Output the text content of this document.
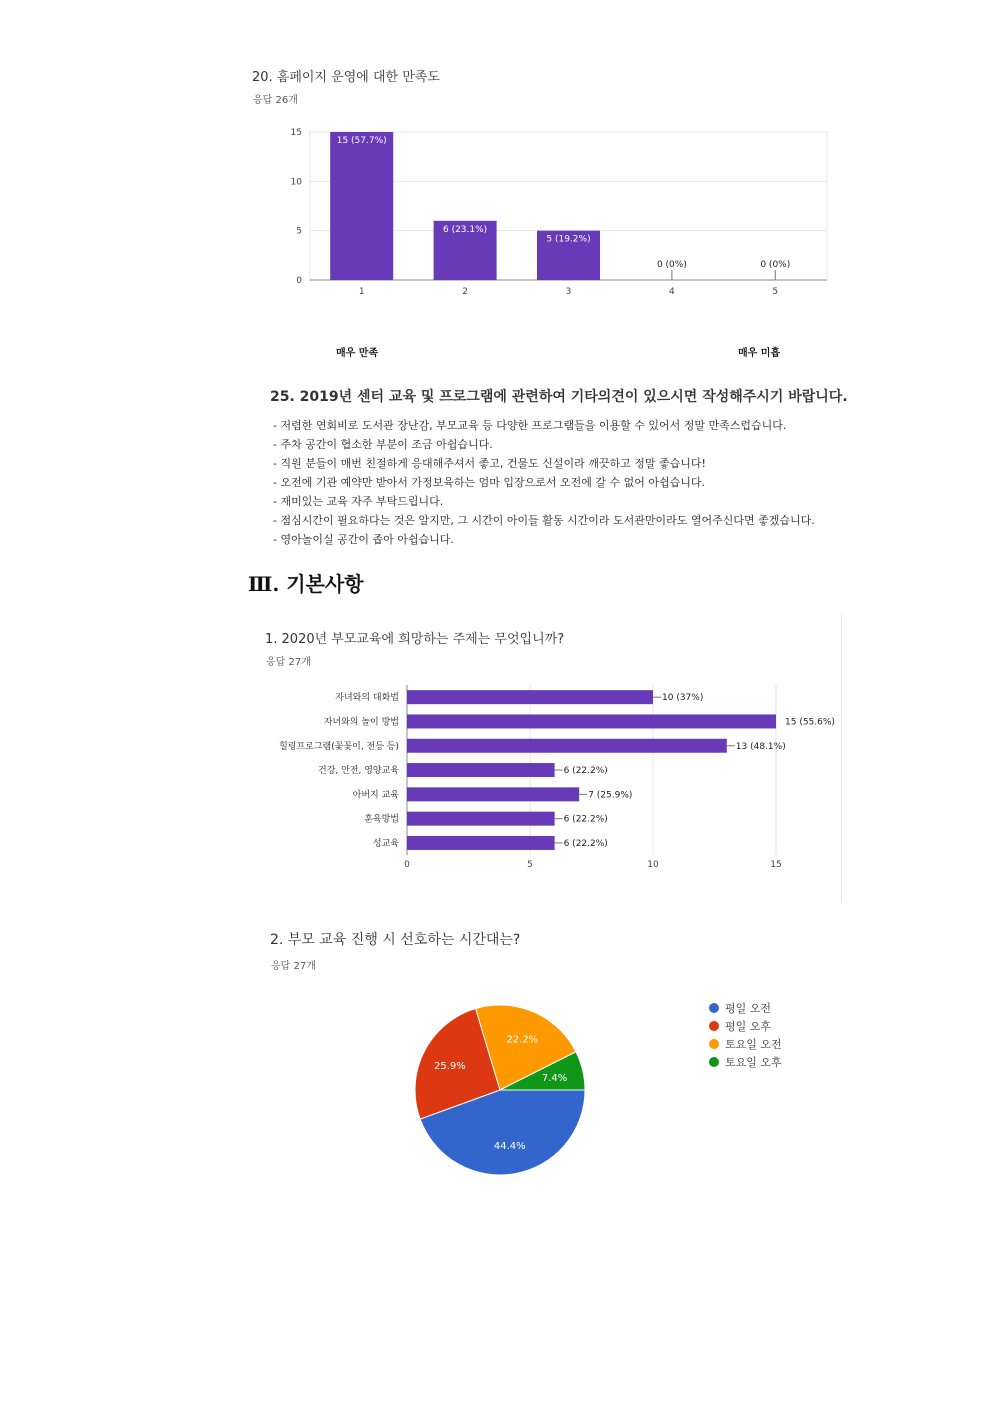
20. 홈페이지 운영에 대한 만족도
응답 26개
0
5
10
15
15 (57.7%)
1
6 (23.1%)
2
5 (19.2%)
3
0 (0%)
4
0 (0%)
5
매우 만족	매우 미흡
25. 2019년 센터 교육 및 프로그램에 관련하여 기타의견이 있으시면 작성해주시기 바랍니다.
- 저렴한 연회비로 도서관 장난감, 부모교육 등 다양한 프로그램들을 이용할 수 있어서 정말 만족스럽습니다.
- 주차 공간이 협소한 부분이 조금 아쉽습니다.
- 직원 분들이 매번 친절하게 응대해주셔서 좋고, 건물도 신설이라 깨끗하고 정말 좋습니다!
- 오전에 기관 예약만 받아서 가정보육하는 엄마 입장으로서 오전에 갈 수 없어 아쉽습니다.
- 재미있는 교육 자주 부탁드립니다.
- 점심시간이 필요하다는 것은 알지만, 그 시간이 아이들 활동 시간이라 도서관만이라도 열어주신다면 좋겠습니다.
- 영아놀이실 공간이 좁아 아쉽습니다.
Ⅲ. 기본사항
1. 2020년 부모교육에 희망하는 주제는 무엇입니까?
응답 27개
0	5	10	15
자녀와의 대화법	10 (37%)
자녀와의 놀이 방법	15 (55.6%)
힐링프로그램(꽃꽂이, 전등 등)	13 (48.1%)
건강, 안전, 영양교육	6 (22.2%)
아버지 교육	7 (25.9%)
훈육방법	6 (22.2%)
성교육	6 (22.2%)
2. 부모 교육 진행 시 선호하는 시간대는?
응답 27개
44.4%
25.9%
22.2%
7.4%
평일 오전
평일 오후
토요일 오전
토요일 오후
